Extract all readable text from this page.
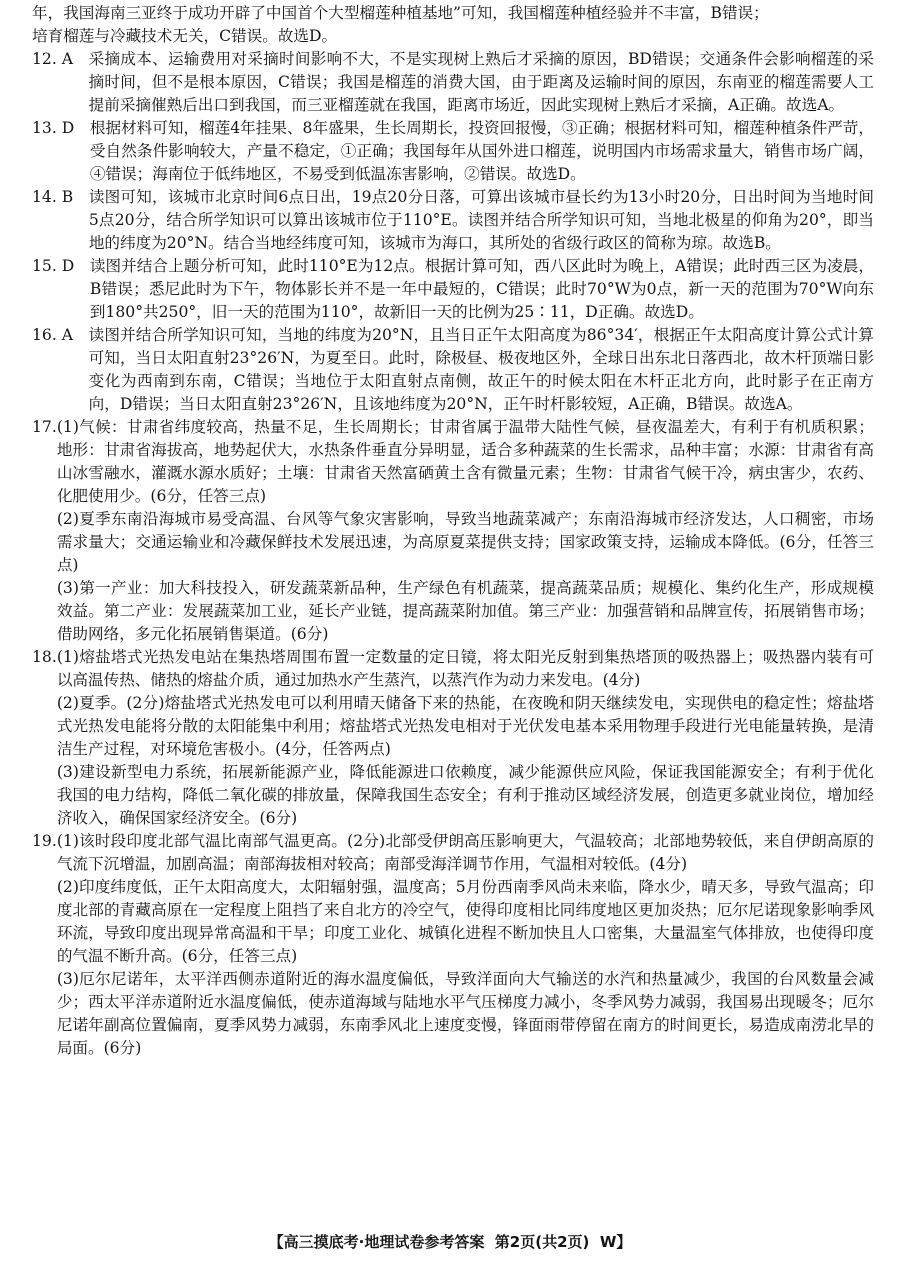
年，我国海南三亚终于成功开辟了中国首个大型榴莲种植基地”可知，我国榴莲种植经验并不丰富，B错误；

培育榴莲与冷藏技术无关，C错误。故选D。

12. A　 采摘成本、运输费用对采摘时间影响不大，不是实现树上熟后才采摘的原因，BD错误；交通条件会影响榴莲的采摘时间，但不是根本原因，C错误；我国是榴莲的消费大国，由于距离及运输时间的原因，东南亚的榴莲需要人工提前采摘催熟后出口到我国，而三亚榴莲就在我国，距离市场近，因此实现树上熟后才采摘，A正确。故选A。
13. D　 根据材料可知，榴莲4年挂果、8年盛果，生长周期长，投资回报慢，③正确；根据材料可知，榴莲种植条件严苛，受自然条件影响较大，产量不稳定，①正确；我国每年从国外进口榴莲，说明国内市场需求量大，销售市场广阔，④错误；海南位于低纬地区，不易受到低温冻害影响，②错误。故选D。
14. B　 读图可知，该城市北京时间6点日出，19点20分日落，可算出该城市昼长约为13小时20分，日出时间为当地时间5点20分，结合所学知识可以算出该城市位于110°E。读图并结合所学知识可知，当地北极星的仰角为20°，即当地的纬度为20°N。结合当地经纬度可知，该城市为海口，其所处的省级行政区的简称为琼。故选B。
15. D　 读图并结合上题分析可知，此时110°E为12点。根据计算可知，西八区此时为晚上，A错误；此时西三区为凌晨，B错误；悉尼此时为下午，物体影长并不是一年中最短的，C错误；此时70°W为0点，新一天的范围为70°W向东到180°共250°，旧一天的范围为110°，故新旧一天的比例为25∶11，D正确。故选D。
16. A　 读图并结合所学知识可知，当地的纬度为20°N，且当日正午太阳高度为86°34′，根据正午太阳高度计算公式计算可知，当日太阳直射23°26′N，为夏至日。此时，除极昼、极夜地区外，全球日出东北日落西北，故木杆顶端日影变化为西南到东南，C错误；当地位于太阳直射点南侧，故正午的时候太阳在木杆正北方向，此时影子在正南方向，D错误；当日太阳直射23°26′N，且该地纬度为20°N，正午时杆影较短，A正确，B错误。故选A。
17. (1)气候：甘肃省纬度较高，热量不足，生长周期长；甘肃省属于温带大陆性气候，昼夜温差大，有利于有机质积累；地形：甘肃省海拔高，地势起伏大，水热条件垂直分异明显，适合多种蔬菜的生长需求，品种丰富；水源：甘肃省有高山冰雪融水，灌溉水源水质好；土壤：甘肃省天然富硒黄土含有微量元素；生物：甘肃省气候干冷，病虫害少，农药、化肥使用少。(6分，任答三点)

(2)夏季东南沿海城市易受高温、台风等气象灾害影响，导致当地蔬菜减产；东南沿海城市经济发达，人口稠密，市场需求量大；交通运输业和冷藏保鲜技术发展迅速，为高原夏菜提供支持；国家政策支持，运输成本降低。(6分，任答三点)

(3)第一产业：加大科技投入，研发蔬菜新品种，生产绿色有机蔬菜，提高蔬菜品质；规模化、集约化生产，形成规模效益。第二产业：发展蔬菜加工业，延长产业链，提高蔬菜附加值。第三产业：加强营销和品牌宣传，拓展销售市场；借助网络，多元化拓展销售渠道。(6分)

18. (1)熔盐塔式光热发电站在集热塔周围布置一定数量的定日镜，将太阳光反射到集热塔顶的吸热器上；吸热器内装有可以高温传热、储热的熔盐介质，通过加热水产生蒸汽，以蒸汽作为动力来发电。(4分)

(2)夏季。(2分)熔盐塔式光热发电可以利用晴天储备下来的热能，在夜晚和阴天继续发电，实现供电的稳定性；熔盐塔式光热发电能将分散的太阳能集中利用；熔盐塔式光热发电相对于光伏发电基本采用物理手段进行光电能量转换，是清洁生产过程，对环境危害极小。(4分，任答两点)

(3)建设新型电力系统，拓展新能源产业，降低能源进口依赖度，减少能源供应风险，保证我国能源安全；有利于优化我国的电力结构，降低二氧化碳的排放量，保障我国生态安全；有利于推动区域经济发展，创造更多就业岗位，增加经济收入，确保国家经济安全。(6分)

19. (1)该时段印度北部气温比南部气温更高。(2分)北部受伊朗高压影响更大，气温较高；北部地势较低，来自伊朗高原的气流下沉增温，加剧高温；南部海拔相对较高；南部受海洋调节作用，气温相对较低。(4分)

(2)印度纬度低，正午太阳高度大，太阳辐射强，温度高；5月份西南季风尚未来临，降水少，晴天多，导致气温高；印度北部的青藏高原在一定程度上阻挡了来自北方的冷空气，使得印度相比同纬度地区更加炎热；厄尔尼诺现象影响季风环流，导致印度出现异常高温和干旱；印度工业化、城镇化进程不断加快且人口密集，大量温室气体排放，也使得印度的气温不断升高。(6分，任答三点)

(3)厄尔尼诺年，太平洋西侧赤道附近的海水温度偏低，导致洋面向大气输送的水汽和热量减少，我国的台风数量会减少；西太平洋赤道附近水温度偏低，使赤道海域与陆地水平气压梯度力减小，冬季风势力减弱，我国易出现暖冬；厄尔尼诺年副高位置偏南，夏季风势力减弱，东南季风北上速度变慢，锋面雨带停留在南方的时间更长，易造成南涝北旱的局面。(6分)

【高三摸底考·地理试卷参考答案 第2页(共2页) W】
